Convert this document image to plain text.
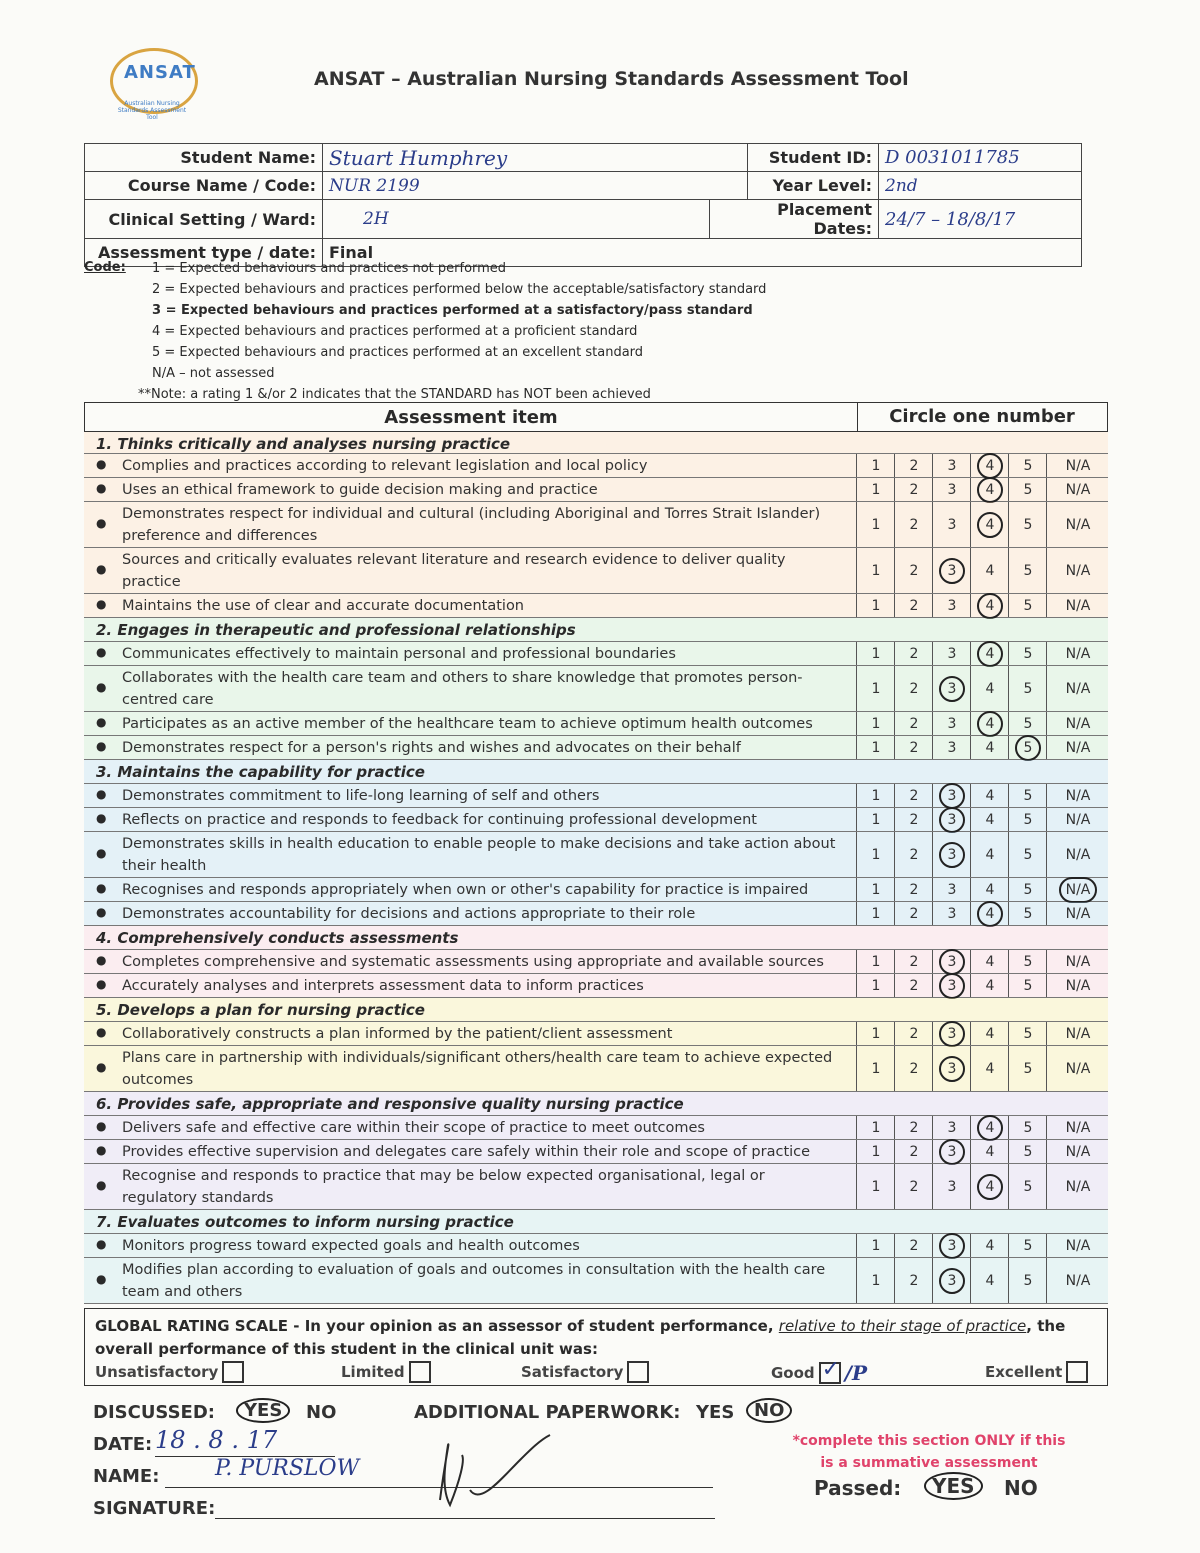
ANSAT
Australian Nursing Standards Assessment Tool
ANSAT – Australian Nursing Standards Assessment Tool
Student Name:	Stuart Humphrey		Student ID:	D 0031011785
Course Name / Code:	NUR 2199		Year Level:	2nd
Clinical Setting / Ward:	2H	Placement Dates:		24/7 – 18/8/17
Assessment type / date:	Final			
Code: 1 = Expected behaviours and practices not performed
2 = Expected behaviours and practices performed below the acceptable/satisfactory standard
3 = Expected behaviours and practices performed at a satisfactory/pass standard
4 = Expected behaviours and practices performed at a proficient standard
5 = Expected behaviours and practices performed at an excellent standard
N/A – not assessed
**Note: a rating 1 &/or 2 indicates that the STANDARD has NOT been achieved
Assessment item	Circle one number
1. Thinks critically and analyses nursing practice
● Complies and practices according to relevant legislation and local policy	1 2 3	4	5 N/A
● Uses an ethical framework to guide decision making and practice	1 2 3	4	5 N/A
●
Demonstrates respect for individual and cultural (including Aboriginal and Torres Strait Islander) preference and differences
1 2 3	4	5 N/A
●
Sources and critically evaluates relevant literature and research evidence to deliver quality practice
1 2	3	4 5 N/A
● Maintains the use of clear and accurate documentation	1 2 3	4	5 N/A
2. Engages in therapeutic and professional relationships
● Communicates effectively to maintain personal and professional boundaries	1 2 3	4	5 N/A
●
Collaborates with the health care team and others to share knowledge that promotes person-centred care
1 2	3	4 5 N/A
● Participates as an active member of the healthcare team to achieve optimum health outcomes	1 2 3	4	5 N/A
● Demonstrates respect for a person's rights and wishes and advocates on their behalf	1 2 3 4	5	N/A
3. Maintains the capability for practice
● Demonstrates commitment to life-long learning of self and others	1 2	3	4 5 N/A
● Reflects on practice and responds to feedback for continuing professional development	1 2	3	4 5 N/A
●
Demonstrates skills in health education to enable people to make decisions and take action about their health
1 2	3	4 5 N/A
● Recognises and responds appropriately when own or other's capability for practice is impaired	1 2 3 4 5	N/A
● Demonstrates accountability for decisions and actions appropriate to their role	1 2 3	4	5 N/A
4. Comprehensively conducts assessments
● Completes comprehensive and systematic assessments using appropriate and available sources	1 2	3	4 5 N/A
● Accurately analyses and interprets assessment data to inform practices	1 2	3	4 5 N/A
5. Develops a plan for nursing practice
● Collaboratively constructs a plan informed by the patient/client assessment	1 2	3	4 5 N/A
●
Plans care in partnership with individuals/significant others/health care team to achieve expected outcomes
1 2	3	4 5 N/A
6. Provides safe, appropriate and responsive quality nursing practice
● Delivers safe and effective care within their scope of practice to meet outcomes	1 2 3	4	5 N/A
● Provides effective supervision and delegates care safely within their role and scope of practice	1 2	3	4 5 N/A
●
Recognise and responds to practice that may be below expected organisational, legal or regulatory standards
1 2 3	4	5 N/A
7. Evaluates outcomes to inform nursing practice
● Monitors progress toward expected goals and health outcomes	1 2	3	4 5 N/A
●
Modifies plan according to evaluation of goals and outcomes in consultation with the health care team and others
1 2	3	4 5 N/A
GLOBAL RATING SCALE - In your opinion as an assessor of student performance, relative to their stage of practice, the overall performance of this student in the clinical unit was:
Unsatisfactory	Limited	Satisfactory	Good ✓ /P	Excellent
DISCUSSED:	YES	NO	ADDITIONAL PAPERWORK: YES	NO
DATE: 18 . 8 . 17
NAME:	P. PURSLOW
SIGNATURE:
*complete this section ONLY if this is a summative assessment
Passed:	YES	NO
